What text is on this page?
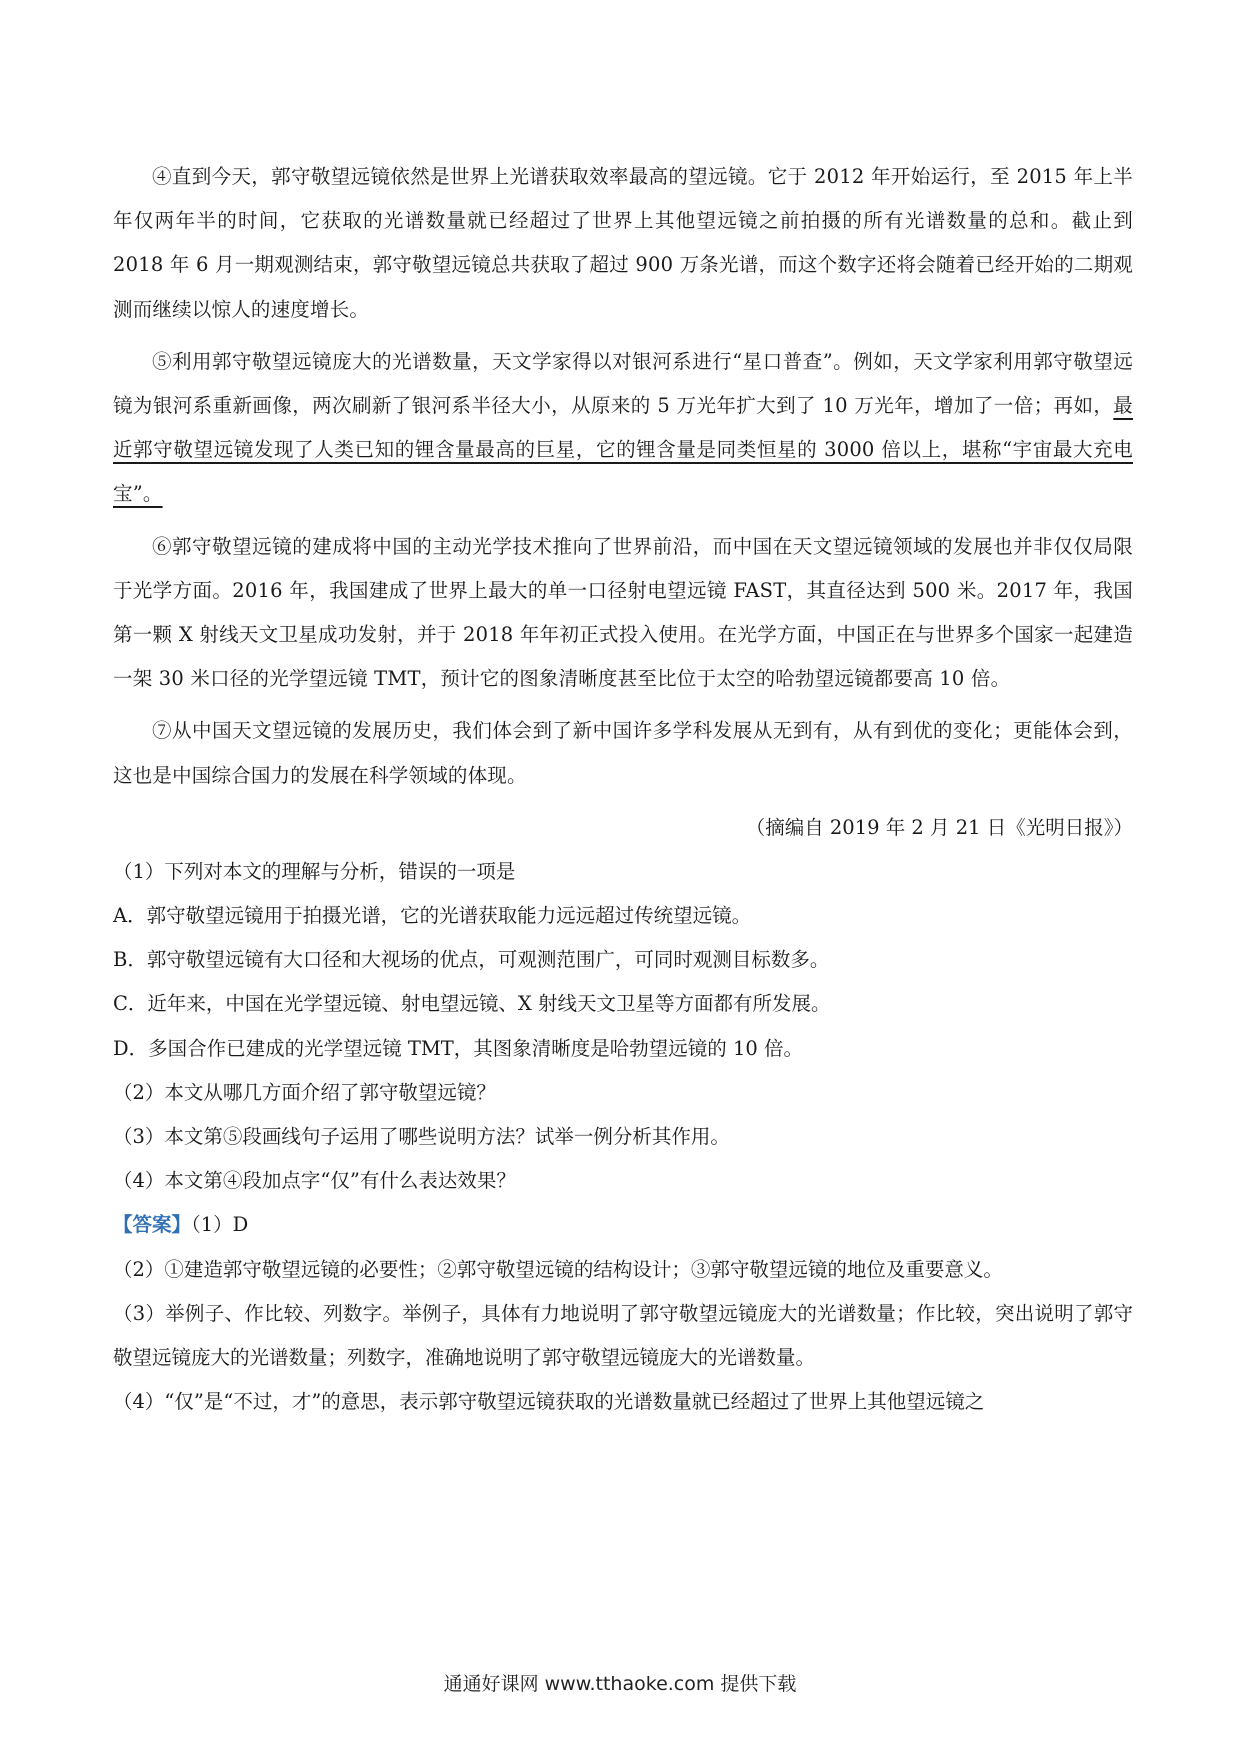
④直到今天，郭守敬望远镜依然是世界上光谱获取效率最高的望远镜。它于 2012 年开始运行，至 2015 年上半年仅两年半的时间，它获取的光谱数量就已经超过了世界上其他望远镜之前拍摄的所有光谱数量的总和。截止到 2018 年 6 月一期观测结束，郭守敬望远镜总共获取了超过 900 万条光谱，而这个数字还将会随着已经开始的二期观测而继续以惊人的速度增长。

⑤利用郭守敬望远镜庞大的光谱数量，天文学家得以对银河系进行“星口普查”。例如，天文学家利用郭守敬望远镜为银河系重新画像，两次刷新了银河系半径大小，从原来的 5 万光年扩大到了 10 万光年，增加了一倍；再如，最近郭守敬望远镜发现了人类已知的锂含量最高的巨星，它的锂含量是同类恒星的 3000 倍以上，堪称“宇宙最大充电宝”。

⑥郭守敬望远镜的建成将中国的主动光学技术推向了世界前沿，而中国在天文望远镜领域的发展也并非仅仅局限于光学方面。2016 年，我国建成了世界上最大的单一口径射电望远镜 FAST，其直径达到 500 米。2017 年，我国第一颗 X 射线天文卫星成功发射，并于 2018 年年初正式投入使用。在光学方面，中国正在与世界多个国家一起建造一架 30 米口径的光学望远镜 TMT，预计它的图象清晰度甚至比位于太空的哈勃望远镜都要高 10 倍。

⑦从中国天文望远镜的发展历史，我们体会到了新中国许多学科发展从无到有，从有到优的变化；更能体会到，这也是中国综合国力的发展在科学领域的体现。

（摘编自 2019 年 2 月 21 日《光明日报》）

（1）下列对本文的理解与分析，错误的一项是

A．郭守敬望远镜用于拍摄光谱，它的光谱获取能力远远超过传统望远镜。

B．郭守敬望远镜有大口径和大视场的优点，可观测范围广，可同时观测目标数多。

C．近年来，中国在光学望远镜、射电望远镜、X 射线天文卫星等方面都有所发展。

D．多国合作已建成的光学望远镜 TMT，其图象清晰度是哈勃望远镜的 10 倍。

（2）本文从哪几方面介绍了郭守敬望远镜？

（3）本文第⑤段画线句子运用了哪些说明方法？试举一例分析其作用。

（4）本文第④段加点字“仅”有什么表达效果？

【答案】（1）D

（2）①建造郭守敬望远镜的必要性；②郭守敬望远镜的结构设计；③郭守敬望远镜的地位及重要意义。

（3）举例子、作比较、列数字。举例子，具体有力地说明了郭守敬望远镜庞大的光谱数量；作比较，突出说明了郭守敬望远镜庞大的光谱数量；列数字，准确地说明了郭守敬望远镜庞大的光谱数量。

（4）“仅”是“不过，才”的意思，表示郭守敬望远镜获取的光谱数量就已经超过了世界上其他望远镜之

通通好课网 www.tthaoke.com 提供下载
